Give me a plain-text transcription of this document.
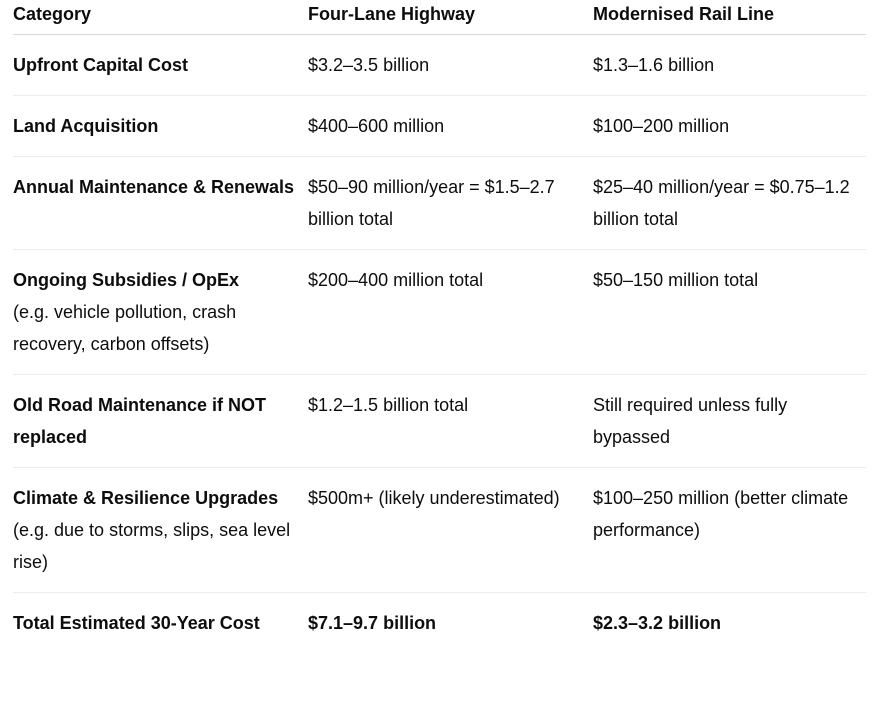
Category	Four-Lane Highway	Modernised Rail Line

Upfront Capital Cost	$3.2–3.5 billion	$1.3–1.6 billion

Land Acquisition	$400–600 million	$100–200 million

Annual Maintenance & Renewals	$50–90 million/year = $1.5–2.7 billion total	$25–40 million/year = $0.75–1.2 billion total

Ongoing Subsidies / OpEx
(e.g. vehicle pollution, crash recovery, carbon offsets)	$200–400 million total	$50–150 million total

Old Road Maintenance if NOT replaced	$1.2–1.5 billion total	Still required unless fully bypassed

Climate & Resilience Upgrades
(e.g. due to storms, slips, sea level rise)	$500m+ (likely underestimated)	$100–250 million (better climate performance)

Total Estimated 30-Year Cost	$7.1–9.7 billion	$2.3–3.2 billion
